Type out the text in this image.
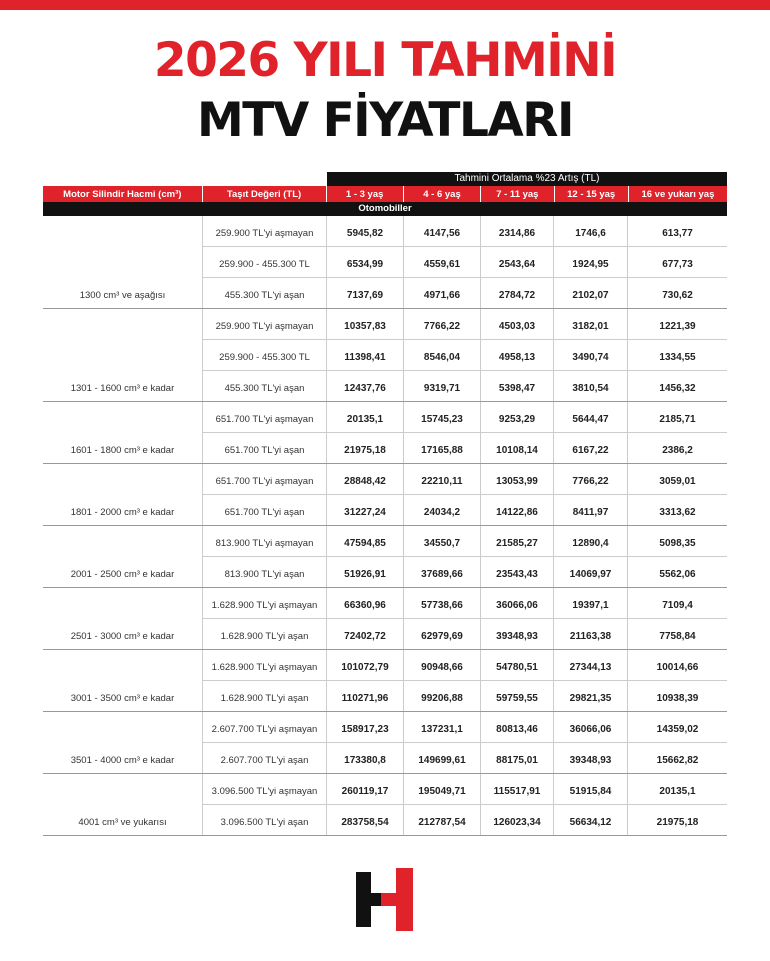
2026 YILI TAHMİNİ
MTV FİYATLARI
Tahmini Ortalama %23 Artış (TL)
Motor Silindir Hacmi (cm³)	Taşıt Değeri (TL)	1 - 3 yaş	4 - 6 yaş	7 - 11 yaş	12 - 15 yaş	16 ve yukarı yaş
Otomobiller
1300 cm³ ve aşağısı
259.900 TL'yi aşmayan	5945,82	4147,56	2314,86	1746,6	613,77
259.900 - 455.300 TL	6534,99	4559,61	2543,64	1924,95	677,73
455.300 TL'yi aşan	7137,69	4971,66	2784,72	2102,07	730,62
1301 - 1600 cm³ e kadar
259.900 TL'yi aşmayan	10357,83	7766,22	4503,03	3182,01	1221,39
259.900 - 455.300 TL	11398,41	8546,04	4958,13	3490,74	1334,55
455.300 TL'yi aşan	12437,76	9319,71	5398,47	3810,54	1456,32
1601 - 1800 cm³ e kadar
651.700 TL'yi aşmayan	20135,1	15745,23	9253,29	5644,47	2185,71
651.700 TL'yi aşan	21975,18	17165,88	10108,14	6167,22	2386,2
1801 - 2000 cm³ e kadar
651.700 TL'yi aşmayan	28848,42	22210,11	13053,99	7766,22	3059,01
651.700 TL'yi aşan	31227,24	24034,2	14122,86	8411,97	3313,62
2001 - 2500 cm³ e kadar
813.900 TL'yi aşmayan	47594,85	34550,7	21585,27	12890,4	5098,35
813.900 TL'yi aşan	51926,91	37689,66	23543,43	14069,97	5562,06
2501 - 3000 cm³ e kadar
1.628.900 TL'yi aşmayan	66360,96	57738,66	36066,06	19397,1	7109,4
1.628.900 TL'yi aşan	72402,72	62979,69	39348,93	21163,38	7758,84
3001 - 3500 cm³ e kadar
1.628.900 TL'yi aşmayan	101072,79	90948,66	54780,51	27344,13	10014,66
1.628.900 TL'yi aşan	110271,96	99206,88	59759,55	29821,35	10938,39
3501 - 4000 cm³ e kadar
2.607.700 TL'yi aşmayan	158917,23	137231,1	80813,46	36066,06	14359,02
2.607.700 TL'yi aşan	173380,8	149699,61	88175,01	39348,93	15662,82
4001 cm³ ve yukarısı
3.096.500 TL'yi aşmayan	260119,17	195049,71	115517,91	51915,84	20135,1
3.096.500 TL'yi aşan	283758,54	212787,54	126023,34	56634,12	21975,18
